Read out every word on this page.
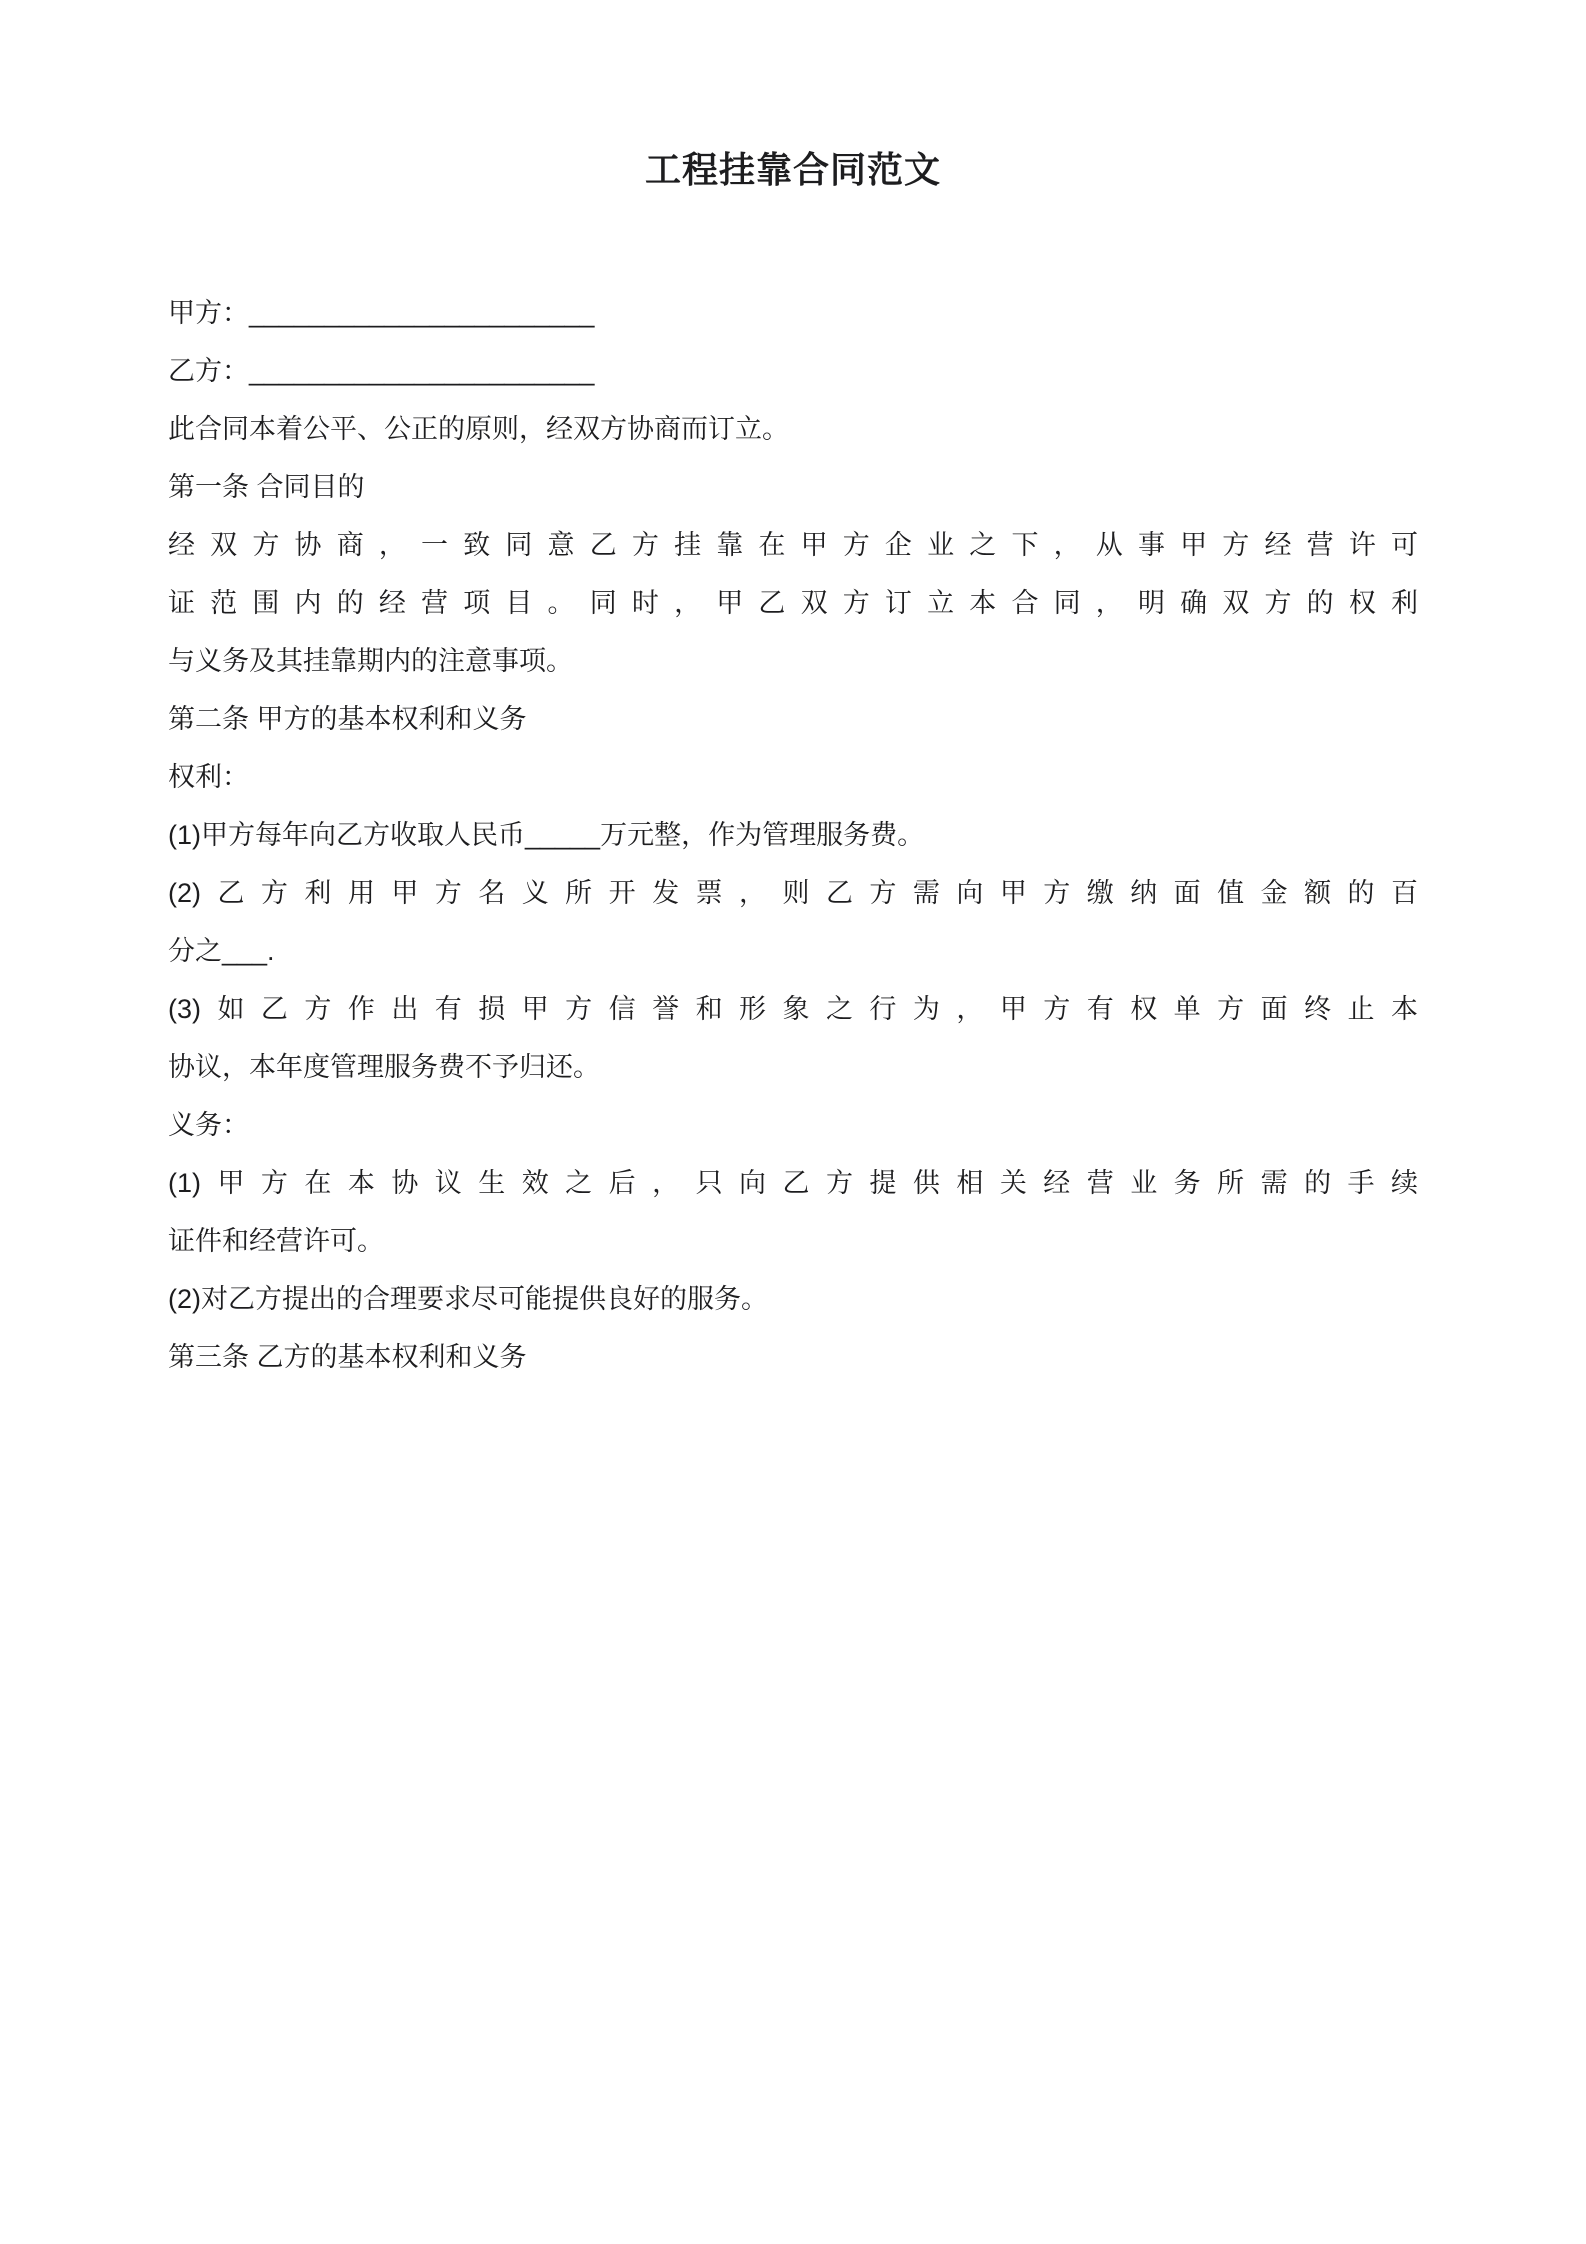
工程挂靠合同范文
甲方：_______________________
乙方：_______________________
此合同本着公平、公正的原则，经双方协商而订立。
第一条 合同目的
经双方协商，一致同意乙方挂靠在甲方企业之下，从事甲方经营许可
证范围内的经营项目。同时，甲乙双方订立本合同，明确双方的权利
与义务及其挂靠期内的注意事项。
第二条 甲方的基本权利和义务
权利：
(1)甲方每年向乙方收取人民币_____万元整，作为管理服务费。
(2)乙方利用甲方名义所开发票，则乙方需向甲方缴纳面值金额的百
分之___.
(3)如乙方作出有损甲方信誉和形象之行为，甲方有权单方面终止本
协议，本年度管理服务费不予归还。
义务：
(1)甲方在本协议生效之后，只向乙方提供相关经营业务所需的手续
证件和经营许可。
(2)对乙方提出的合理要求尽可能提供良好的服务。
第三条 乙方的基本权利和义务
